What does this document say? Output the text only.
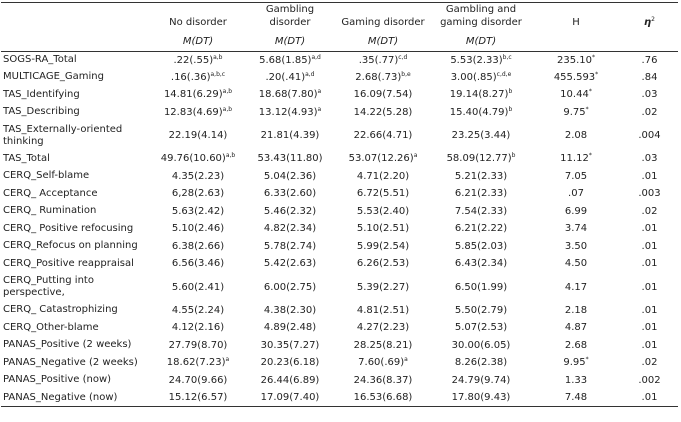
	No disorder	Gambling disorder	Gaming disorder	Gambling and gaming disorder	H	$\eta^2$
	M(DT)	M(DT)	M(DT)	M(DT)		
SOGS-RA_Total	$.22(.55)^{a,b}$	$5.68(1.85)^{a,d}$	$.35(.77)^{c,d}$	$5.53(2.33)^{b,c}$	235.10*	.76
MULTICAGE_Gaming	$.16(.36)^{a,b,c}$	$.20(.41)^{a,d}$	$2.68(.73)^{b,e}$	$3.00(.85)^{c,d,e}$	455.593*	.84
TAS_Identifying	$14.81(6.29)^{a,b}$	$18.68(7.80)^a$	16.09(7.54)	$19.14(8.27)^b$	10.44*	.03
TAS_Describing	$12.83(4.69)^{a,b}$	$13.12(4.93)^a$	14.22(5.28)	$15.40(4.79)^b$	9.75*	.02
TAS_Externally-oriented thinking	22.19(4.14)	21.81(4.39)	22.66(4.71)	23.25(3.44)	2.08	.004
TAS_Total	$49.76(10.60)^{a,b}$	53.43(11.80)	$53.07(12.26)^a$	$58.09(12.77)^b$	11.12*	.03
CERQ_Self-blame	4.35(2.23)	5.04(2.36)	4.71(2.20)	5.21(2.33)	7.05	.01
CERQ_ Acceptance	6,28(2.63)	6.33(2.60)	6.72(5.51)	6.21(2.33)	.07	.003
CERQ_ Rumination	5.63(2.42)	5.46(2.32)	5.53(2.40)	7.54(2.33)	6.99	.02
CERQ_ Positive refocusing	5.10(2.46)	4.82(2.34)	5.10(2.51)	6.21(2.22)	3.74	.01
CERQ_Refocus on planning	6.38(2.66)	5.78(2.74)	5.99(2.54)	5.85(2.03)	3.50	.01
CERQ_Positive reappraisal	6.56(3.46)	5.42(2.63)	6.26(2.53)	6.43(2.34)	4.50	.01
CERQ_Putting into perspective,	5.60(2.41)	6.00(2.75)	5.39(2.27)	6.50(1.99)	4.17	.01
CERQ_ Catastrophizing	4.55(2.24)	4.38(2.30)	4.81(2.51)	5.50(2.79)	2.18	.01
CERQ_Other-blame	4.12(2.16)	4.89(2.48)	4.27(2.23)	5.07(2.53)	4.87	.01
PANAS_Positive (2 weeks)	27.79(8.70)	30.35(7.27)	28.25(8.21)	30.00(6.05)	2.68	.01
PANAS_Negative (2 weeks)	$18.62(7.23)^a$	20.23(6.18)	$7.60(.69)^a$	8.26(2.38)	9.95*	.02
PANAS_Positive (now)	24.70(9.66)	26.44(6.89)	24.36(8.37)	24.79(9.74)	1.33	.002
PANAS_Negative (now)	15.12(6.57)	17.09(7.40)	16.53(6.68)	17.80(9.43)	7.48	.01
